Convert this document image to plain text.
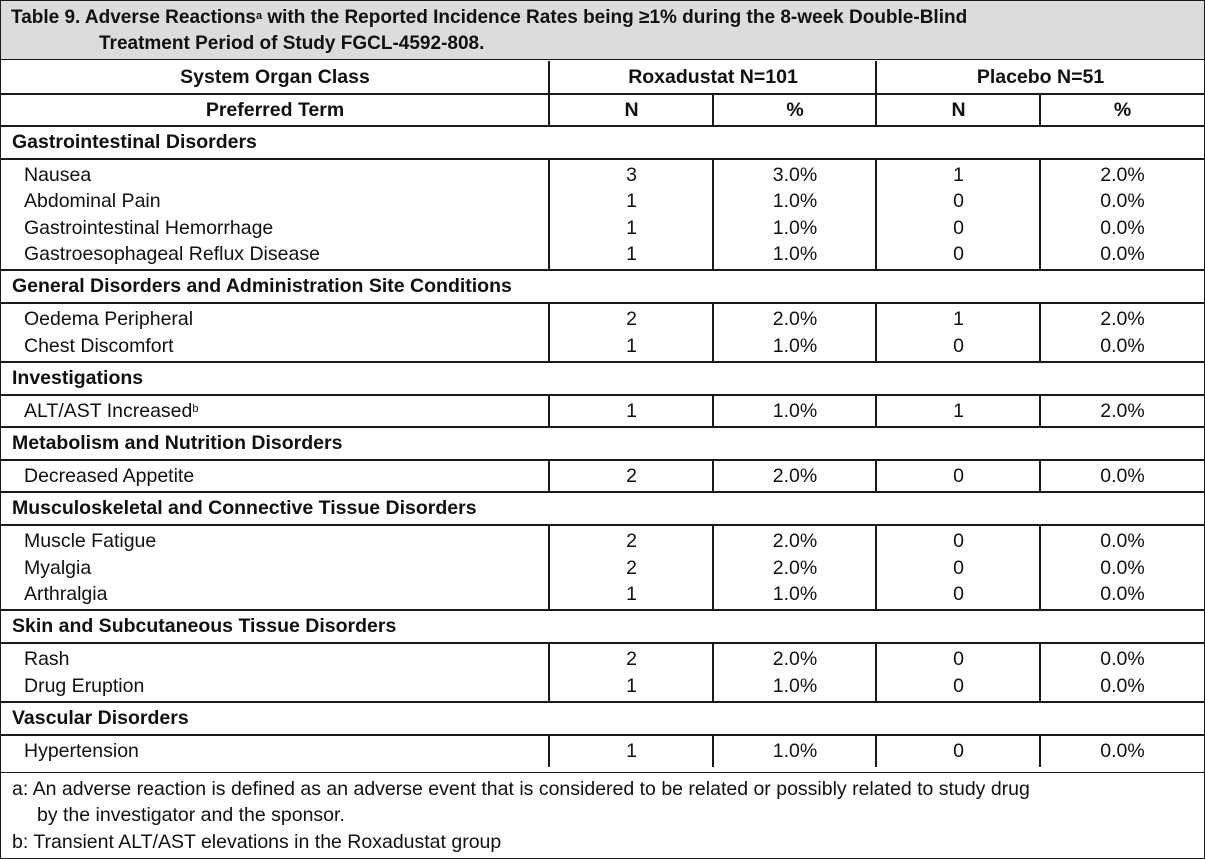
Table 9. Adverse Reactions$^a$ with the Reported Incidence Rates being ≥1% during the 8-week Double-Blind
Treatment Period of Study FGCL-4592-808.
System Organ Class	Roxadustat N=101	Placebo N=51
Preferred Term	N	%	N	%
Gastrointestinal Disorders
Nausea	3	3.0%	1	2.0%
Abdominal Pain	1	1.0%	0	0.0%
Gastrointestinal Hemorrhage	1	1.0%	0	0.0%
Gastroesophageal Reflux Disease	1	1.0%	0	0.0%
General Disorders and Administration Site Conditions
Oedema Peripheral	2	2.0%	1	2.0%
Chest Discomfort	1	1.0%	0	0.0%
Investigations
ALT/AST Increased$^b$	1	1.0%	1	2.0%
Metabolism and Nutrition Disorders
Decreased Appetite	2	2.0%	0	0.0%
Musculoskeletal and Connective Tissue Disorders
Muscle Fatigue	2	2.0%	0	0.0%
Myalgia	2	2.0%	0	0.0%
Arthralgia	1	1.0%	0	0.0%
Skin and Subcutaneous Tissue Disorders
Rash	2	2.0%	0	0.0%
Drug Eruption	1	1.0%	0	0.0%
Vascular Disorders
Hypertension	1	1.0%	0	0.0%
a: An adverse reaction is defined as an adverse event that is considered to be related or possibly related to study drug
by the investigator and the sponsor.
b: Transient ALT/AST elevations in the Roxadustat group
